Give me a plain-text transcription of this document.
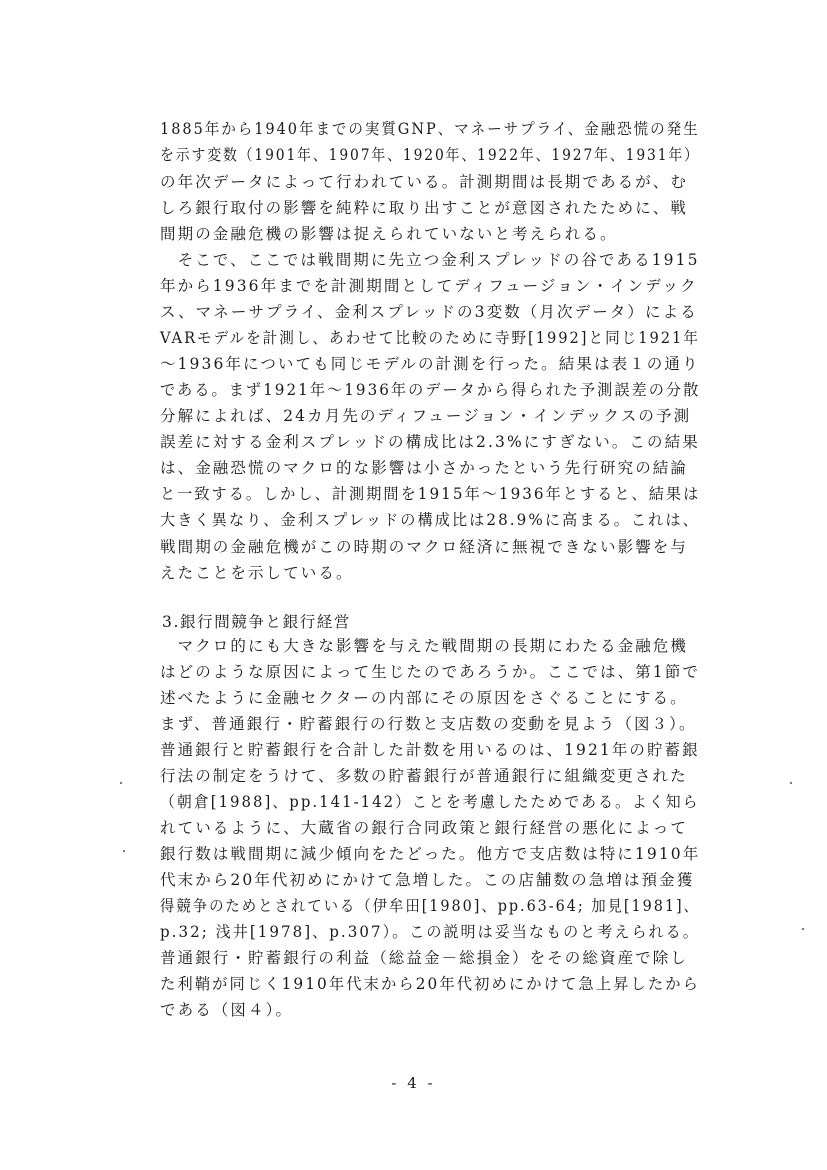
1885年から1940年までの実質GNP、マネーサプライ、金融恐慌の発生
を示す変数（1901年、1907年、1920年、1922年、1927年、1931年）
の年次データによって行われている。計測期間は長期であるが、む
しろ銀行取付の影響を純粋に取り出すことが意図されたために、戦
間期の金融危機の影響は捉えられていないと考えられる。
　そこで、ここでは戦間期に先立つ金利スプレッドの谷である1915
年から1936年までを計測期間としてディフュージョン・インデック
ス、マネーサプライ、金利スプレッドの3変数（月次データ）による
VARモデルを計測し、あわせて比較のために寺野[1992]と同じ1921年
～1936年についても同じモデルの計測を行った。結果は表１の通り
である。まず1921年～1936年のデータから得られた予測誤差の分散
分解によれば、24カ月先のディフュージョン・インデックスの予測
誤差に対する金利スプレッドの構成比は2.3%にすぎない。この結果
は、金融恐慌のマクロ的な影響は小さかったという先行研究の結論
と一致する。しかし、計測期間を1915年～1936年とすると、結果は
大きく異なり、金利スプレッドの構成比は28.9%に高まる。これは、
戦間期の金融危機がこの時期のマクロ経済に無視できない影響を与
えたことを示している。
3.銀行間競争と銀行経営
　マクロ的にも大きな影響を与えた戦間期の長期にわたる金融危機
はどのような原因によって生じたのであろうか。ここでは、第1節で
述べたように金融セクターの内部にその原因をさぐることにする。
まず、普通銀行・貯蓄銀行の行数と支店数の変動を見よう（図３）。
普通銀行と貯蓄銀行を合計した計数を用いるのは、1921年の貯蓄銀
行法の制定をうけて、多数の貯蓄銀行が普通銀行に組織変更された
（朝倉[1988]、pp.141-142）ことを考慮したためである。よく知ら
れているように、大蔵省の銀行合同政策と銀行経営の悪化によって
銀行数は戦間期に減少傾向をたどった。他方で支店数は特に1910年
代末から20年代初めにかけて急増した。この店舗数の急増は預金獲
得競争のためとされている（伊牟田[1980]、pp.63-64; 加見[1981]、
p.32; 浅井[1978]、p.307）。この説明は妥当なものと考えられる。
普通銀行・貯蓄銀行の利益（総益金－総損金）をその総資産で除し
た利鞘が同じく1910年代末から20年代初めにかけて急上昇したから
である（図４）。
- 4 -
